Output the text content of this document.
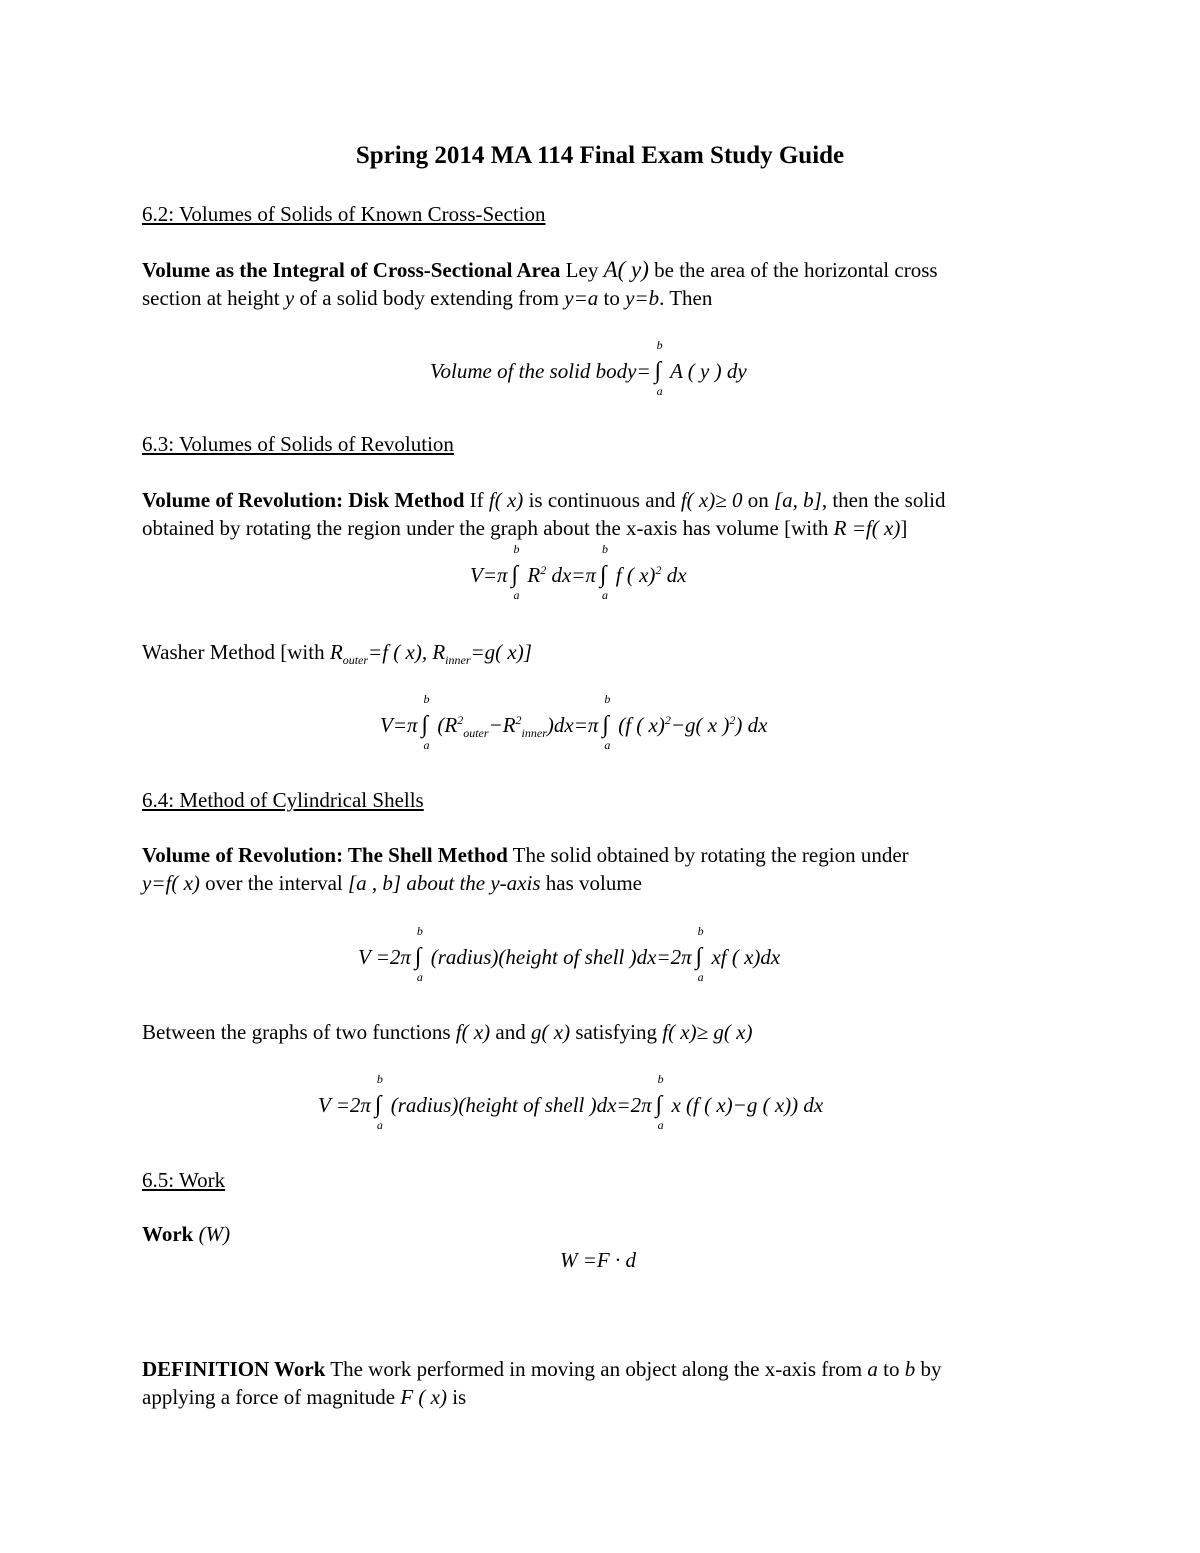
Spring 2014 MA 114 Final Exam Study Guide
6.2: Volumes of Solids of Known Cross-Section
Volume as the Integral of Cross-Sectional Area Ley A( y) be the area of the horizontal cross
section at height y of a solid body extending from y=a to y=b. Then
Volume of the solid body= ∫
b
a
A ( y ) dy
6.3: Volumes of Solids of Revolution
Volume of Revolution: Disk Method If f( x) is continuous and f( x)≥ 0 on [a, b], then the solid
obtained by rotating the region under the graph about the x-axis has volume [with R =f( x)]
V=π ∫
b
a
$R^2$ dx=π ∫
b
a
f ( x)$^2$ dx
Washer Method [with $R_{outer}=f$ ( x), $R_{inner}=g$( x)]
V=π ∫
b
a
$(R^2_{outer}-R^2_{inner})dx=\pi$ ∫
b
a
(f ( x)$^2$−g( x )$^2$) dx
6.4: Method of Cylindrical Shells
Volume of Revolution: The Shell Method The solid obtained by rotating the region under
y=f( x) over the interval [a , b] about the y-axis has volume
V =2π ∫
b
a
(radius)(height of shell )dx=2π ∫
b
a
xf ( x)dx
Between the graphs of two functions f( x) and g( x) satisfying f( x)≥ g( x)
V =2π ∫
b
a
(radius)(height of shell )dx=2π ∫
b
a
x (f ( x)−g ( x)) dx
6.5: Work
Work (W)
W =F · d
DEFINITION Work The work performed in moving an object along the x-axis from a to b by
applying a force of magnitude F ( x) is
